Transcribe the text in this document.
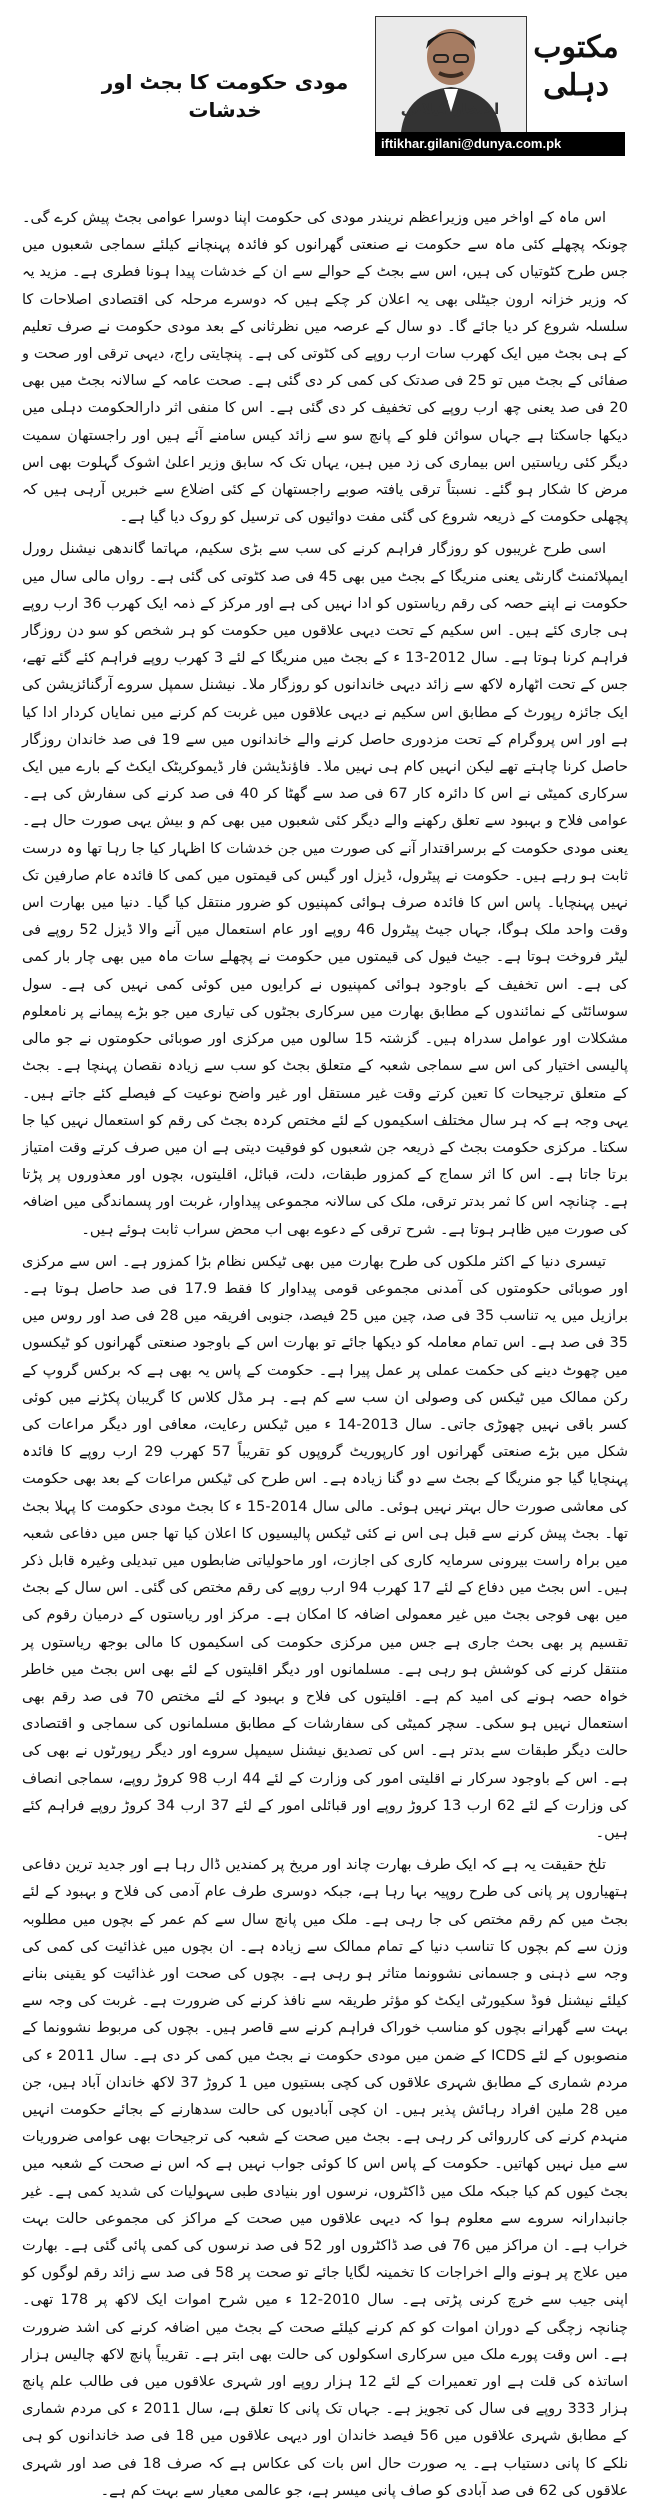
مودی حکومت کا بجٹ اور خدشات	افتخار گیلانی
مکتوب
دہلی
iftikhar.gilani@dunya.com.pk

اس ماہ کے اواخر میں وزیراعظم نریندر مودی کی حکومت اپنا دوسرا عوامی بجٹ پیش کرے گی۔ چونکہ پچھلے کئی ماہ سے حکومت نے صنعتی گھرانوں کو فائدہ پہنچانے کیلئے سماجی شعبوں میں جس طرح کٹوتیاں کی ہیں، اس سے بجٹ کے حوالے سے ان کے خدشات پیدا ہونا فطری ہے۔ مزید یہ کہ وزیر خزانہ ارون جیٹلی بھی یہ اعلان کر چکے ہیں کہ دوسرے مرحلہ کی اقتصادی اصلاحات کا سلسلہ شروع کر دیا جائے گا۔ دو سال کے عرصہ میں نظرثانی کے بعد مودی حکومت نے صرف تعلیم کے ہی بجٹ میں ایک کھرب سات ارب روپے کی کٹوتی کی ہے۔ پنچایتی راج، دیہی ترقی اور صحت و صفائی کے بجٹ میں تو 25 فی صدتک کی کمی کر دی گئی ہے۔ صحت عامہ کے سالانہ بجٹ میں بھی 20 فی صد یعنی چھ ارب روپے کی تخفیف کر دی گئی ہے۔ اس کا منفی اثر دارالحکومت دہلی میں دیکھا جاسکتا ہے جہاں سوائن فلو کے پانچ سو سے زائد کیس سامنے آئے ہیں اور راجستھان سمیت دیگر کئی ریاستیں اس بیماری کی زد میں ہیں، یہاں تک کہ سابق وزیر اعلیٰ اشوک گہلوت بھی اس مرض کا شکار ہو گئے۔ نسبتاً ترقی یافتہ صوبے راجستھان کے کئی اضلاع سے خبریں آرہی ہیں کہ پچھلی حکومت کے ذریعہ شروع کی گئی مفت دوائیوں کی ترسیل کو روک دیا گیا ہے۔

اسی طرح غریبوں کو روزگار فراہم کرنے کی سب سے بڑی سکیم، مہاتما گاندھی نیشنل رورل ایمپلائمنٹ گارنٹی یعنی منریگا کے بجٹ میں بھی 45 فی صد کٹوتی کی گئی ہے۔ رواں مالی سال میں حکومت نے اپنے حصہ کی رقم ریاستوں کو ادا نہیں کی ہے اور مرکز کے ذمہ ایک کھرب 36 ارب روپے ہی جاری کئے ہیں۔ اس سکیم کے تحت دیہی علاقوں میں حکومت کو ہر شخص کو سو دن روزگار فراہم کرنا ہوتا ہے۔ سال 2012-13 ء کے بجٹ میں منریگا کے لئے 3 کھرب روپے فراہم کئے گئے تھے، جس کے تحت اٹھارہ لاکھ سے زائد دیہی خاندانوں کو روزگار ملا۔ نیشنل سمپل سروے آرگنائزیشن کی ایک جائزہ رپورٹ کے مطابق اس سکیم نے دیہی علاقوں میں غربت کم کرنے میں نمایاں کردار ادا کیا ہے اور اس پروگرام کے تحت مزدوری حاصل کرنے والے خاندانوں میں سے 19 فی صد خاندان روزگار حاصل کرنا چاہتے تھے لیکن انہیں کام ہی نہیں ملا۔ فاؤنڈیشن فار ڈیموکریٹک ایکٹ کے بارے میں ایک سرکاری کمیٹی نے اس کا دائرہ کار 67 فی صد سے گھٹا کر 40 فی صد کرنے کی سفارش کی ہے۔ عوامی فلاح و بہبود سے تعلق رکھنے والے دیگر کئی شعبوں میں بھی کم و بیش یہی صورت حال ہے۔ یعنی مودی حکومت کے برسراقتدار آنے کی صورت میں جن خدشات کا اظہار کیا جا رہا تھا وہ درست ثابت ہو رہے ہیں۔ حکومت نے پیٹرول، ڈیزل اور گیس کی قیمتوں میں کمی کا فائدہ عام صارفین تک نہیں پہنچایا۔ پاس اس کا فائدہ صرف ہوائی کمپنیوں کو ضرور منتقل کیا گیا۔ دنیا میں بھارت اس وقت واحد ملک ہوگا، جہاں جیٹ پیٹرول 46 روپے اور عام استعمال میں آنے والا ڈیزل 52 روپے فی لیٹر فروخت ہوتا ہے۔ جیٹ فیول کی قیمتوں میں حکومت نے پچھلے سات ماہ میں بھی چار بار کمی کی ہے۔ اس تخفیف کے باوجود ہوائی کمپنیوں نے کرایوں میں کوئی کمی نہیں کی ہے۔ سول سوسائٹی کے نمائندوں کے مطابق بھارت میں سرکاری بجٹوں کی تیاری میں جو بڑے پیمانے پر نامعلوم مشکلات اور عوامل سدراہ ہیں۔ گزشتہ 15 سالوں میں مرکزی اور صوبائی حکومتوں نے جو مالی پالیسی اختیار کی اس سے سماجی شعبہ کے متعلق بجٹ کو سب سے زیادہ نقصان پہنچا ہے۔ بجٹ کے متعلق ترجیحات کا تعین کرتے وقت غیر مستقل اور غیر واضح نوعیت کے فیصلے کئے جاتے ہیں۔ یہی وجہ ہے کہ ہر سال مختلف اسکیموں کے لئے مختص کردہ بجٹ کی رقم کو استعمال نہیں کیا جا سکتا۔ مرکزی حکومت بجٹ کے ذریعہ جن شعبوں کو فوقیت دیتی ہے ان میں صرف کرتے وقت امتیاز برتا جاتا ہے۔ اس کا اثر سماج کے کمزور طبقات، دلت، قبائل، اقلیتوں، بچوں اور معذوروں پر پڑتا ہے۔ چنانچہ اس کا ثمر بدتر ترقی، ملک کی سالانہ مجموعی پیداوار، غربت اور پسماندگی میں اضافہ کی صورت میں ظاہر ہوتا ہے۔ شرح ترقی کے دعوے بھی اب محض سراب ثابت ہوئے ہیں۔

تیسری دنیا کے اکثر ملکوں کی طرح بھارت میں بھی ٹیکس نظام بڑا کمزور ہے۔ اس سے مرکزی اور صوبائی حکومتوں کی آمدنی مجموعی قومی پیداوار کا فقط 17.9 فی صد حاصل ہوتا ہے۔ برازیل میں یہ تناسب 35 فی صد، چین میں 25 فیصد، جنوبی افریقہ میں 28 فی صد اور روس میں 35 فی صد ہے۔ اس تمام معاملہ کو دیکھا جائے تو بھارت اس کے باوجود صنعتی گھرانوں کو ٹیکسوں میں چھوٹ دینے کی حکمت عملی پر عمل پیرا ہے۔ حکومت کے پاس یہ بھی ہے کہ برکس گروپ کے رکن ممالک میں ٹیکس کی وصولی ان سب سے کم ہے۔ ہر مڈل کلاس کا گریبان پکڑنے میں کوئی کسر باقی نہیں چھوڑی جاتی۔ سال 2013-14 ء میں ٹیکس رعایت، معافی اور دیگر مراعات کی شکل میں بڑے صنعتی گھرانوں اور کارپوریٹ گروپوں کو تقریباً 57 کھرب 29 ارب روپے کا فائدہ پہنچایا گیا جو منریگا کے بجٹ سے دو گنا زیادہ ہے۔ اس طرح کی ٹیکس مراعات کے بعد بھی حکومت کی معاشی صورت حال بہتر نہیں ہوئی۔ مالی سال 2014-15 ء کا بجٹ مودی حکومت کا پہلا بجٹ تھا۔ بجٹ پیش کرنے سے قبل ہی اس نے کئی ٹیکس پالیسیوں کا اعلان کیا تھا جس میں دفاعی شعبہ میں براہ راست بیرونی سرمایہ کاری کی اجازت، اور ماحولیاتی ضابطوں میں تبدیلی وغیرہ قابل ذکر ہیں۔ اس بجٹ میں دفاع کے لئے 17 کھرب 94 ارب روپے کی رقم مختص کی گئی۔ اس سال کے بجٹ میں بھی فوجی بجٹ میں غیر معمولی اضافہ کا امکان ہے۔ مرکز اور ریاستوں کے درمیان رقوم کی تقسیم پر بھی بحث جاری ہے جس میں مرکزی حکومت کی اسکیموں کا مالی بوجھ ریاستوں پر منتقل کرنے کی کوشش ہو رہی ہے۔ مسلمانوں اور دیگر اقلیتوں کے لئے بھی اس بجٹ میں خاطر خواہ حصہ ہونے کی امید کم ہے۔ اقلیتوں کی فلاح و بہبود کے لئے مختص 70 فی صد رقم بھی استعمال نہیں ہو سکی۔ سچر کمیٹی کی سفارشات کے مطابق مسلمانوں کی سماجی و اقتصادی حالت دیگر طبقات سے بدتر ہے۔ اس کی تصدیق نیشنل سیمپل سروے اور دیگر رپورٹوں نے بھی کی ہے۔ اس کے باوجود سرکار نے اقلیتی امور کی وزارت کے لئے 44 ارب 98 کروڑ روپے، سماجی انصاف کی وزارت کے لئے 62 ارب 13 کروڑ روپے اور قبائلی امور کے لئے 37 ارب 34 کروڑ روپے فراہم کئے ہیں۔

تلخ حقیقت یہ ہے کہ ایک طرف بھارت چاند اور مریخ پر کمندیں ڈال رہا ہے اور جدید ترین دفاعی ہتھیاروں پر پانی کی طرح روپیہ بہا رہا ہے، جبکہ دوسری طرف عام آدمی کی فلاح و بہبود کے لئے بجٹ میں کم رقم مختص کی جا رہی ہے۔ ملک میں پانچ سال سے کم عمر کے بچوں میں مطلوبہ وزن سے کم بچوں کا تناسب دنیا کے تمام ممالک سے زیادہ ہے۔ ان بچوں میں غذائیت کی کمی کی وجہ سے ذہنی و جسمانی نشوونما متاثر ہو رہی ہے۔ بچوں کی صحت اور غذائیت کو یقینی بنانے کیلئے نیشنل فوڈ سکیورٹی ایکٹ کو مؤثر طریقہ سے نافذ کرنے کی ضرورت ہے۔ غربت کی وجہ سے بہت سے گھرانے بچوں کو مناسب خوراک فراہم کرنے سے قاصر ہیں۔ بچوں کی مربوط نشوونما کے منصوبوں کے لئے ICDS کے ضمن میں مودی حکومت نے بجٹ میں کمی کر دی ہے۔ سال 2011 ء کی مردم شماری کے مطابق شہری علاقوں کی کچی بستیوں میں 1 کروڑ 37 لاکھ خاندان آباد ہیں، جن میں 28 ملین افراد رہائش پذیر ہیں۔ ان کچی آبادیوں کی حالت سدھارنے کے بجائے حکومت انہیں منہدم کرنے کی کارروائی کر رہی ہے۔ بجٹ میں صحت کے شعبہ کی ترجیحات بھی عوامی ضروریات سے میل نہیں کھاتیں۔ حکومت کے پاس اس کا کوئی جواب نہیں ہے کہ اس نے صحت کے شعبہ میں بجٹ کیوں کم کیا جبکہ ملک میں ڈاکٹروں، نرسوں اور بنیادی طبی سہولیات کی شدید کمی ہے۔ غیر جانبدارانہ سروے سے معلوم ہوا کہ دیہی علاقوں میں صحت کے مراکز کی مجموعی حالت بہت خراب ہے۔ ان مراکز میں 76 فی صد ڈاکٹروں اور 52 فی صد نرسوں کی کمی پائی گئی ہے۔ بھارت میں علاج پر ہونے والے اخراجات کا تخمینہ لگایا جائے تو صحت پر 58 فی صد سے زائد رقم لوگوں کو اپنی جیب سے خرچ کرنی پڑتی ہے۔ سال 2010-12 ء میں شرح اموات ایک لاکھ پر 178 تھی۔ چنانچہ زچگی کے دوران اموات کو کم کرنے کیلئے صحت کے بجٹ میں اضافہ کرنے کی اشد ضرورت ہے۔ اس وقت پورے ملک میں سرکاری اسکولوں کی حالت بھی ابتر ہے۔ تقریباً پانچ لاکھ چالیس ہزار اساتذہ کی قلت ہے اور تعمیرات کے لئے 12 ہزار روپے اور شہری علاقوں میں فی طالب علم پانچ ہزار 333 روپے فی سال کی تجویز ہے۔ جہاں تک پانی کا تعلق ہے، سال 2011 ء کی مردم شماری کے مطابق شہری علاقوں میں 56 فیصد خاندان اور دیہی علاقوں میں 18 فی صد خاندانوں کو ہی نلکے کا پانی دستیاب ہے۔ یہ صورت حال اس بات کی عکاس ہے کہ صرف 18 فی صد اور شہری علاقوں کی 62 فی صد آبادی کو صاف پانی میسر ہے، جو عالمی معیار سے بہت کم ہے۔
